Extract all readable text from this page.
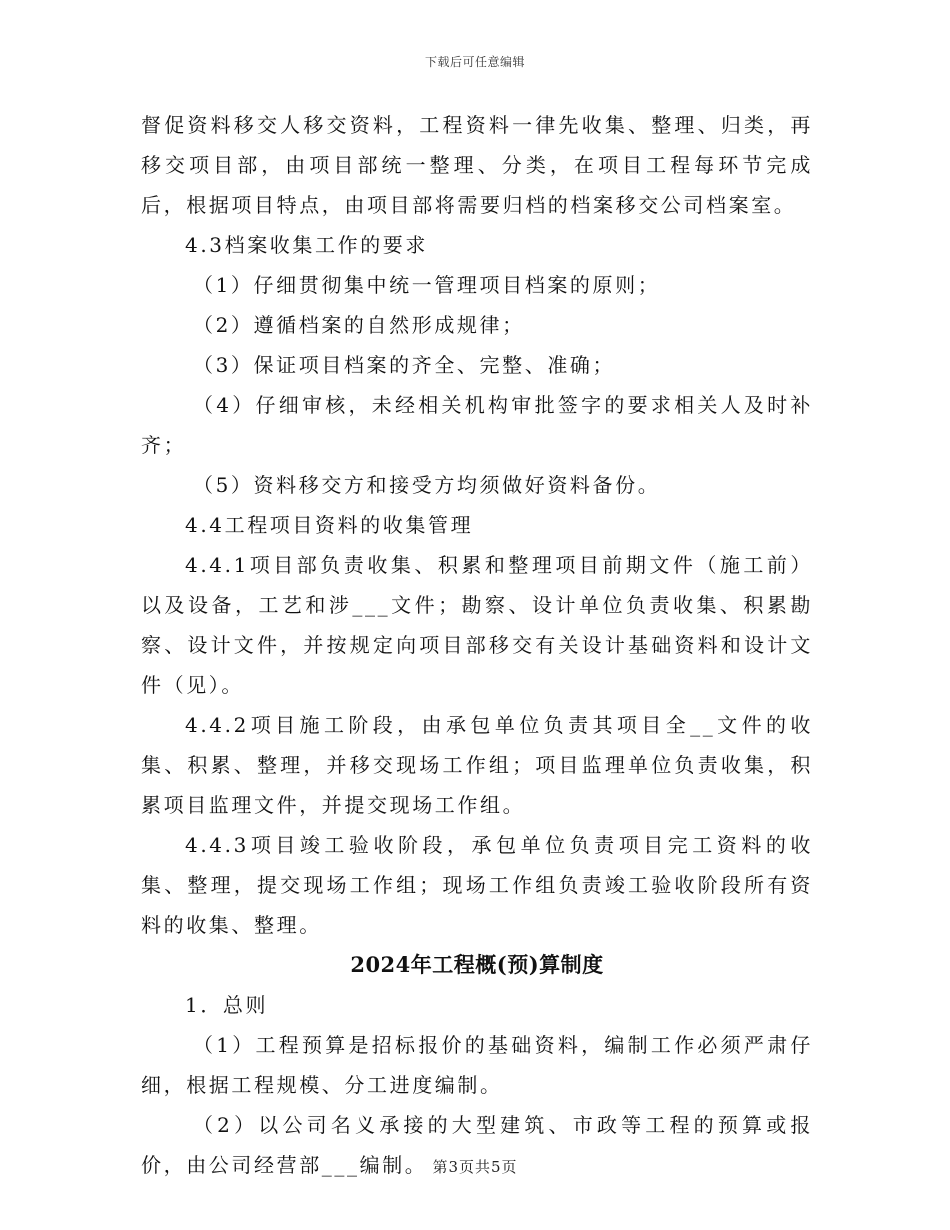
下载后可任意编辑

督促资料移交人移交资料，工程资料一律先收集、整理、归类，再移交项目部，由项目部统一整理、分类，在项目工程每环节完成后，根据项目特点，由项目部将需要归档的档案移交公司档案室。

4.3档案收集工作的要求

（1）仔细贯彻集中统一管理项目档案的原则；

（2）遵循档案的自然形成规律；

（3）保证项目档案的齐全、完整、准确；

（4）仔细审核，未经相关机构审批签字的要求相关人及时补齐；

（5）资料移交方和接受方均须做好资料备份。

4.4工程项目资料的收集管理

4.4.1项目部负责收集、积累和整理项目前期文件（施工前）以及设备，工艺和涉___文件；勘察、设计单位负责收集、积累勘察、设计文件，并按规定向项目部移交有关设计基础资料和设计文件（见）。

4.4.2项目施工阶段，由承包单位负责其项目全__文件的收集、积累、整理，并移交现场工作组；项目监理单位负责收集，积累项目监理文件，并提交现场工作组。

4.4.3项目竣工验收阶段，承包单位负责项目完工资料的收集、整理，提交现场工作组；现场工作组负责竣工验收阶段所有资料的收集、整理。

2024年工程概(预)算制度

1．总则

（1）工程预算是招标报价的基础资料，编制工作必须严肃仔细，根据工程规模、分工进度编制。

（2）以公司名义承接的大型建筑、市政等工程的预算或报价，由公司经营部___编制。 第3页共5页
